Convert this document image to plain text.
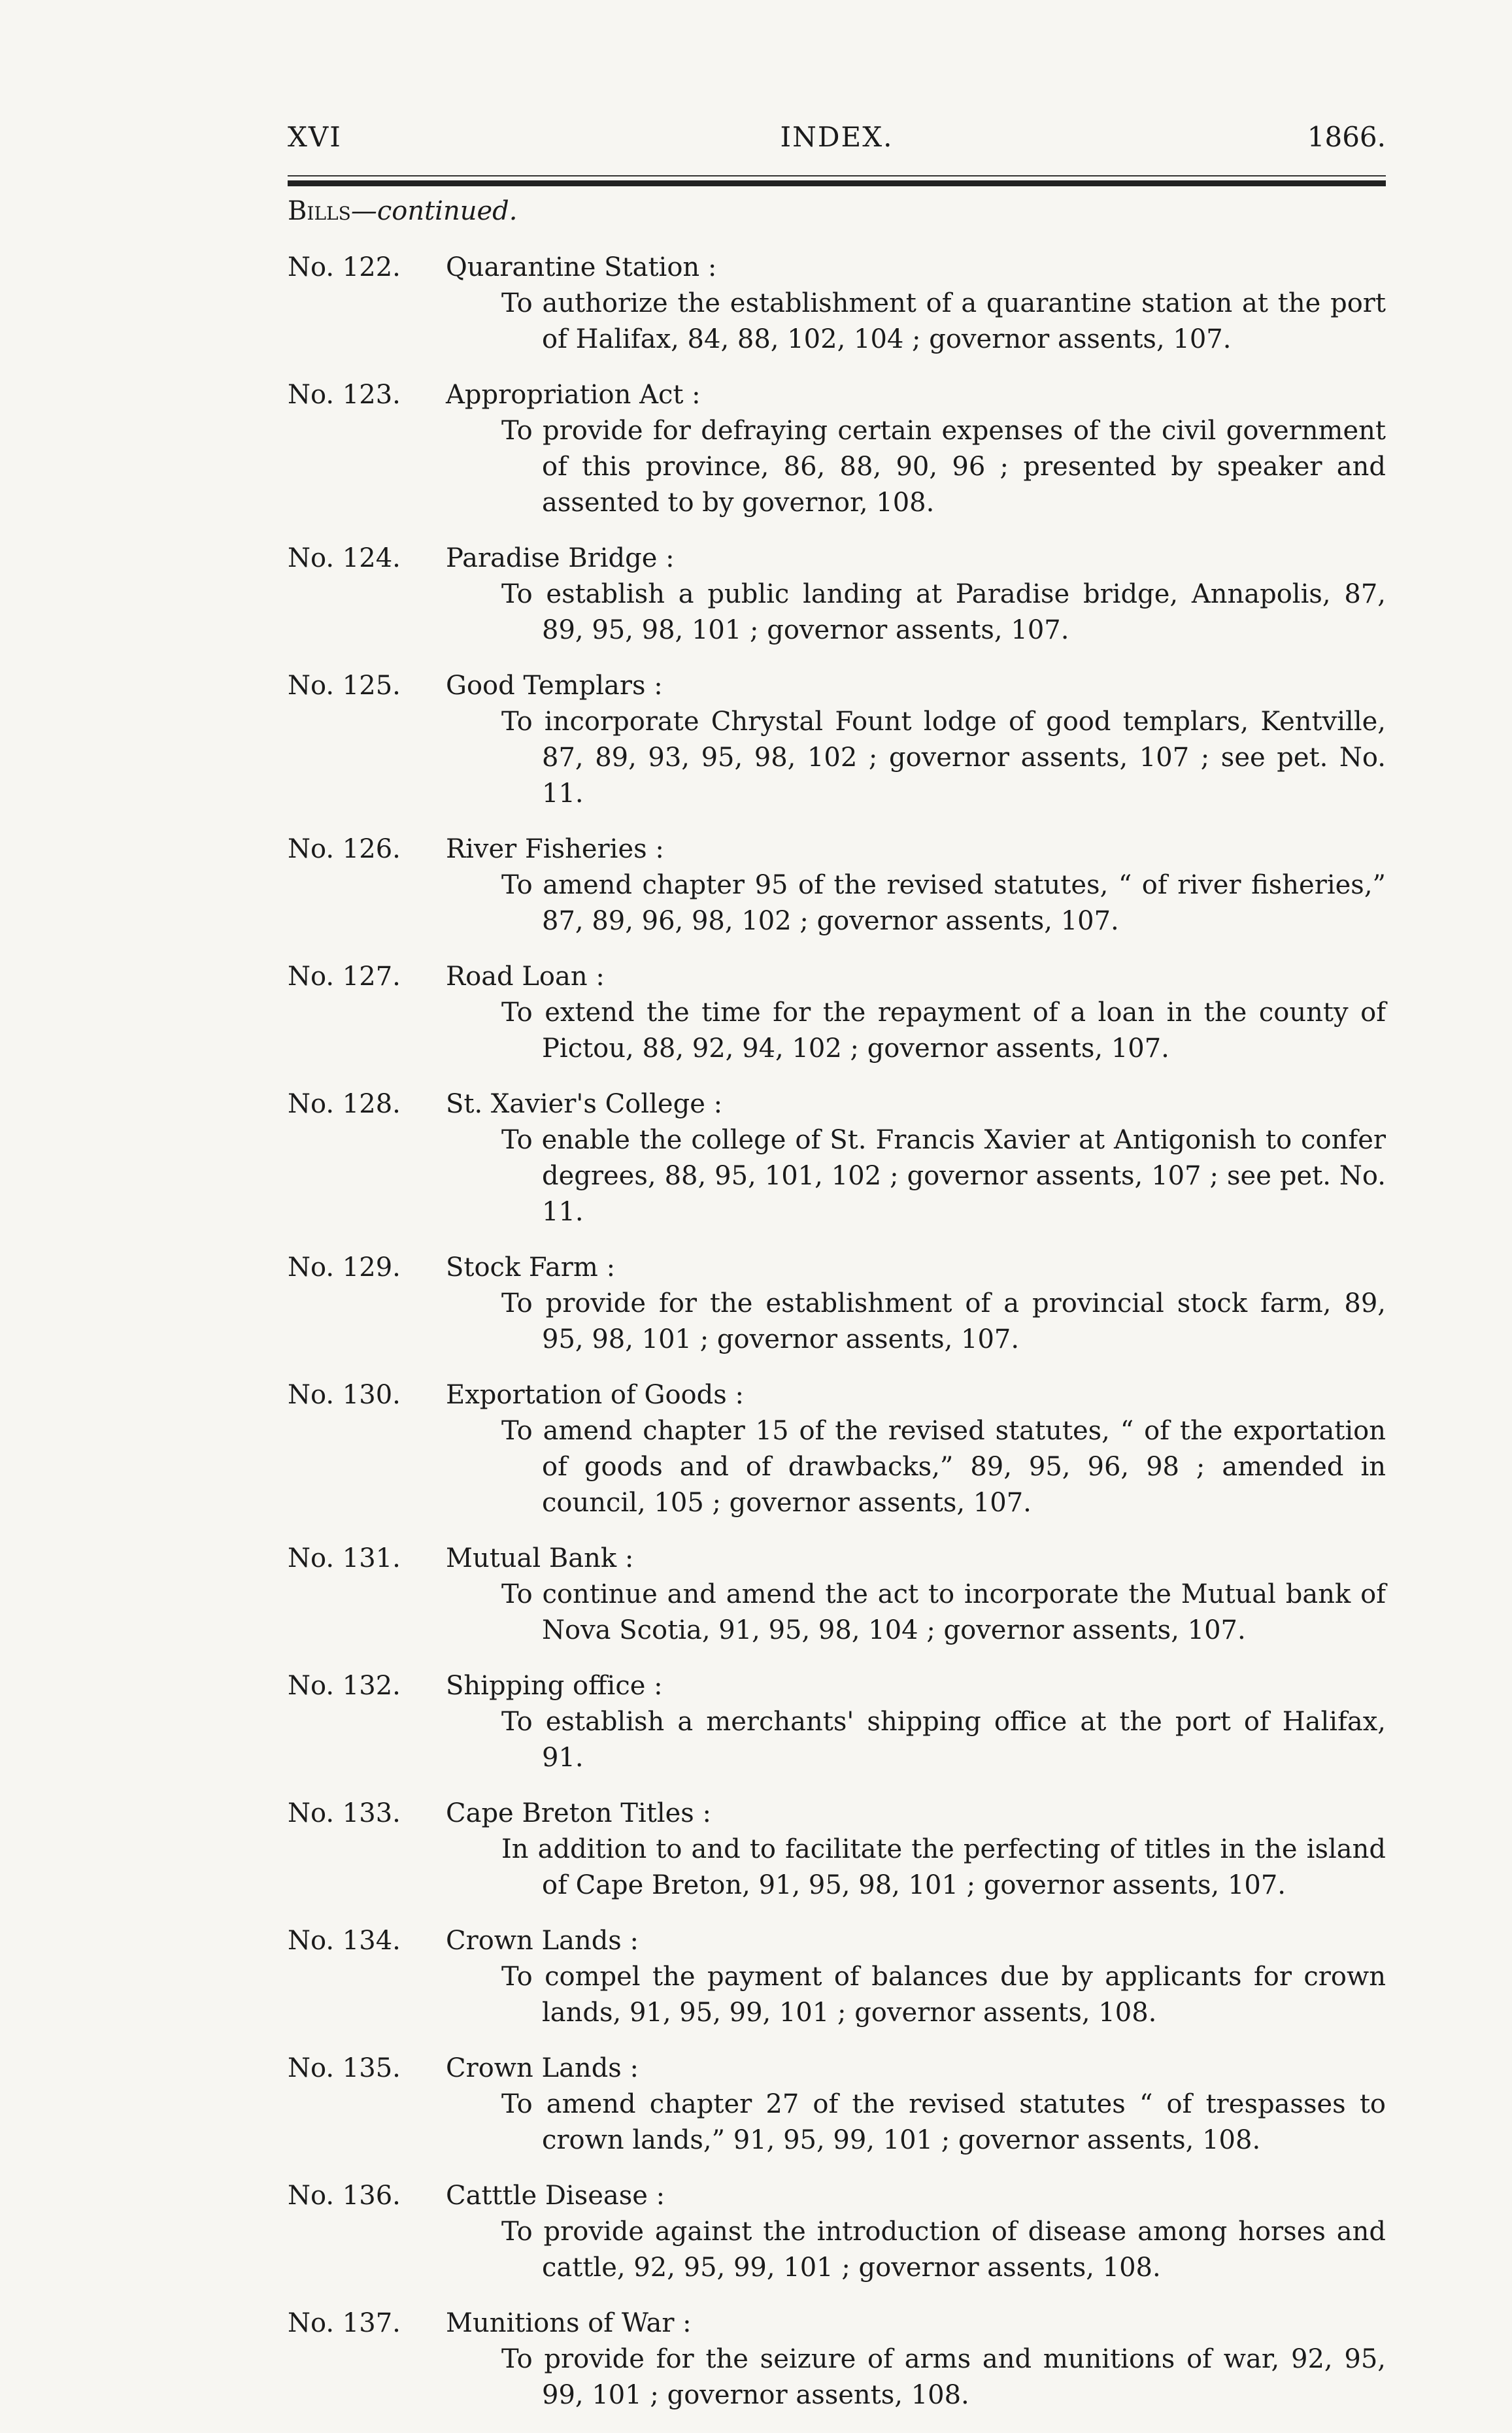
XVI	INDEX.	1866.
Bills—continued.
No. 122.	Quarantine Station :
To authorize the establishment of a quarantine station at the port of Halifax, 84, 88, 102, 104 ; governor assents, 107.
No. 123.	Appropriation Act :
To provide for defraying certain expenses of the civil government of this province, 86, 88, 90, 96 ; presented by speaker and assented to by governor, 108.
No. 124.	Paradise Bridge :
To establish a public landing at Paradise bridge, Annapolis, 87, 89, 95, 98, 101 ; governor assents, 107.
No. 125.	Good Templars :
To incorporate Chrystal Fount lodge of good templars, Kentville, 87, 89, 93, 95, 98, 102 ; governor assents, 107 ; see pet. No. 11.
No. 126.	River Fisheries :
To amend chapter 95 of the revised statutes, “ of river fisheries,” 87, 89, 96, 98, 102 ; governor assents, 107.
No. 127.	Road Loan :
To extend the time for the repayment of a loan in the county of Pictou, 88, 92, 94, 102 ; governor assents, 107.
No. 128.	St. Xavier's College :
To enable the college of St. Francis Xavier at Antigonish to confer degrees, 88, 95, 101, 102 ; governor assents, 107 ; see pet. No. 11.
No. 129.	Stock Farm :
To provide for the establishment of a provincial stock farm, 89, 95, 98, 101 ; governor assents, 107.
No. 130.	Exportation of Goods :
To amend chapter 15 of the revised statutes, “ of the exportation of goods and of drawbacks,” 89, 95, 96, 98 ; amended in council, 105 ; governor assents, 107.
No. 131.	Mutual Bank :
To continue and amend the act to incorporate the Mutual bank of Nova Scotia, 91, 95, 98, 104 ; governor assents, 107.
No. 132.	Shipping office :
To establish a merchants' shipping office at the port of Halifax, 91.
No. 133.	Cape Breton Titles :
In addition to and to facilitate the perfecting of titles in the island of Cape Breton, 91, 95, 98, 101 ; governor assents, 107.
No. 134.	Crown Lands :
To compel the payment of balances due by applicants for crown lands, 91, 95, 99, 101 ; governor assents, 108.
No. 135.	Crown Lands :
To amend chapter 27 of the revised statutes “ of trespasses to crown lands,” 91, 95, 99, 101 ; governor assents, 108.
No. 136.	Catttle Disease :
To provide against the introduction of disease among horses and cattle, 92, 95, 99, 101 ; governor assents, 108.
No. 137.	Munitions of War :
To provide for the seizure of arms and munitions of war, 92, 95, 99, 101 ; governor assents, 108.
